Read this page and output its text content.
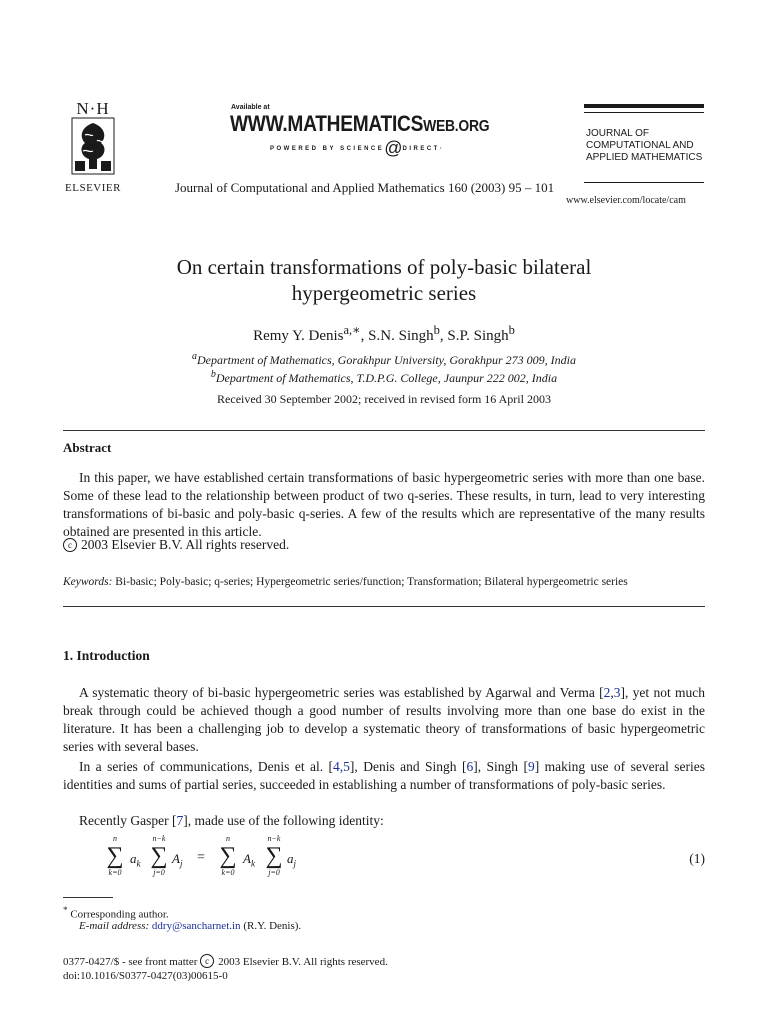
N·H
ELSEVIER
Available at
WWW.MATHEMATICSWEB.ORG
POWERED BY SCIENCE@DIRECT·
Journal of Computational and Applied Mathematics 160 (2003) 95 – 101
JOURNAL OF
COMPUTATIONAL AND
APPLIED MATHEMATICS
www.elsevier.com/locate/cam
On certain transformations of poly-basic bilateral
hypergeometric series
Remy Y. Denis$^{a,∗}$, S.N. Singh$^b$, S.P. Singh$^b$
$^a$Department of Mathematics, Gorakhpur University, Gorakhpur 273 009, India
$^b$Department of Mathematics, T.D.P.G. College, Jaunpur 222 002, India
Received 30 September 2002; received in revised form 16 April 2003
Abstract
In this paper, we have established certain transformations of basic hypergeometric series with more than one base. Some of these lead to the relationship between product of two q-series. These results, in turn, lead to very interesting transformations of bi-basic and poly-basic q-series. A few of the results which are representative of the many results obtained are presented in this article.
c 2003 Elsevier B.V. All rights reserved.
Keywords: Bi-basic; Poly-basic; q-series; Hypergeometric series/function; Transformation; Bilateral hypergeometric series
1. Introduction
A systematic theory of bi-basic hypergeometric series was established by Agarwal and Verma [2,3], yet not much break through could be achieved though a good number of results involving more than one base do exist in the literature. It has been a challenging job to develop a systematic theory of transformations of basic hypergeometric series with several bases.
In a series of communications, Denis et al. [4,5], Denis and Singh [6], Singh [9] making use of several series identities and sums of partial series, succeeded in establishing a number of transformations of poly-basic series.
Recently Gasper [7], made use of the following identity:
n
∑
k=0
$a_k$
n−k
∑
j=0
$A_j$ =
n
∑
k=0
$A_k$
n−k
∑
j=0
$a_j$	(1)
* Corresponding author.
E-mail address: ddry@sancharnet.in (R.Y. Denis).
0377-0427/$ - see front matter c 2003 Elsevier B.V. All rights reserved.
doi:10.1016/S0377-0427(03)00615-0
